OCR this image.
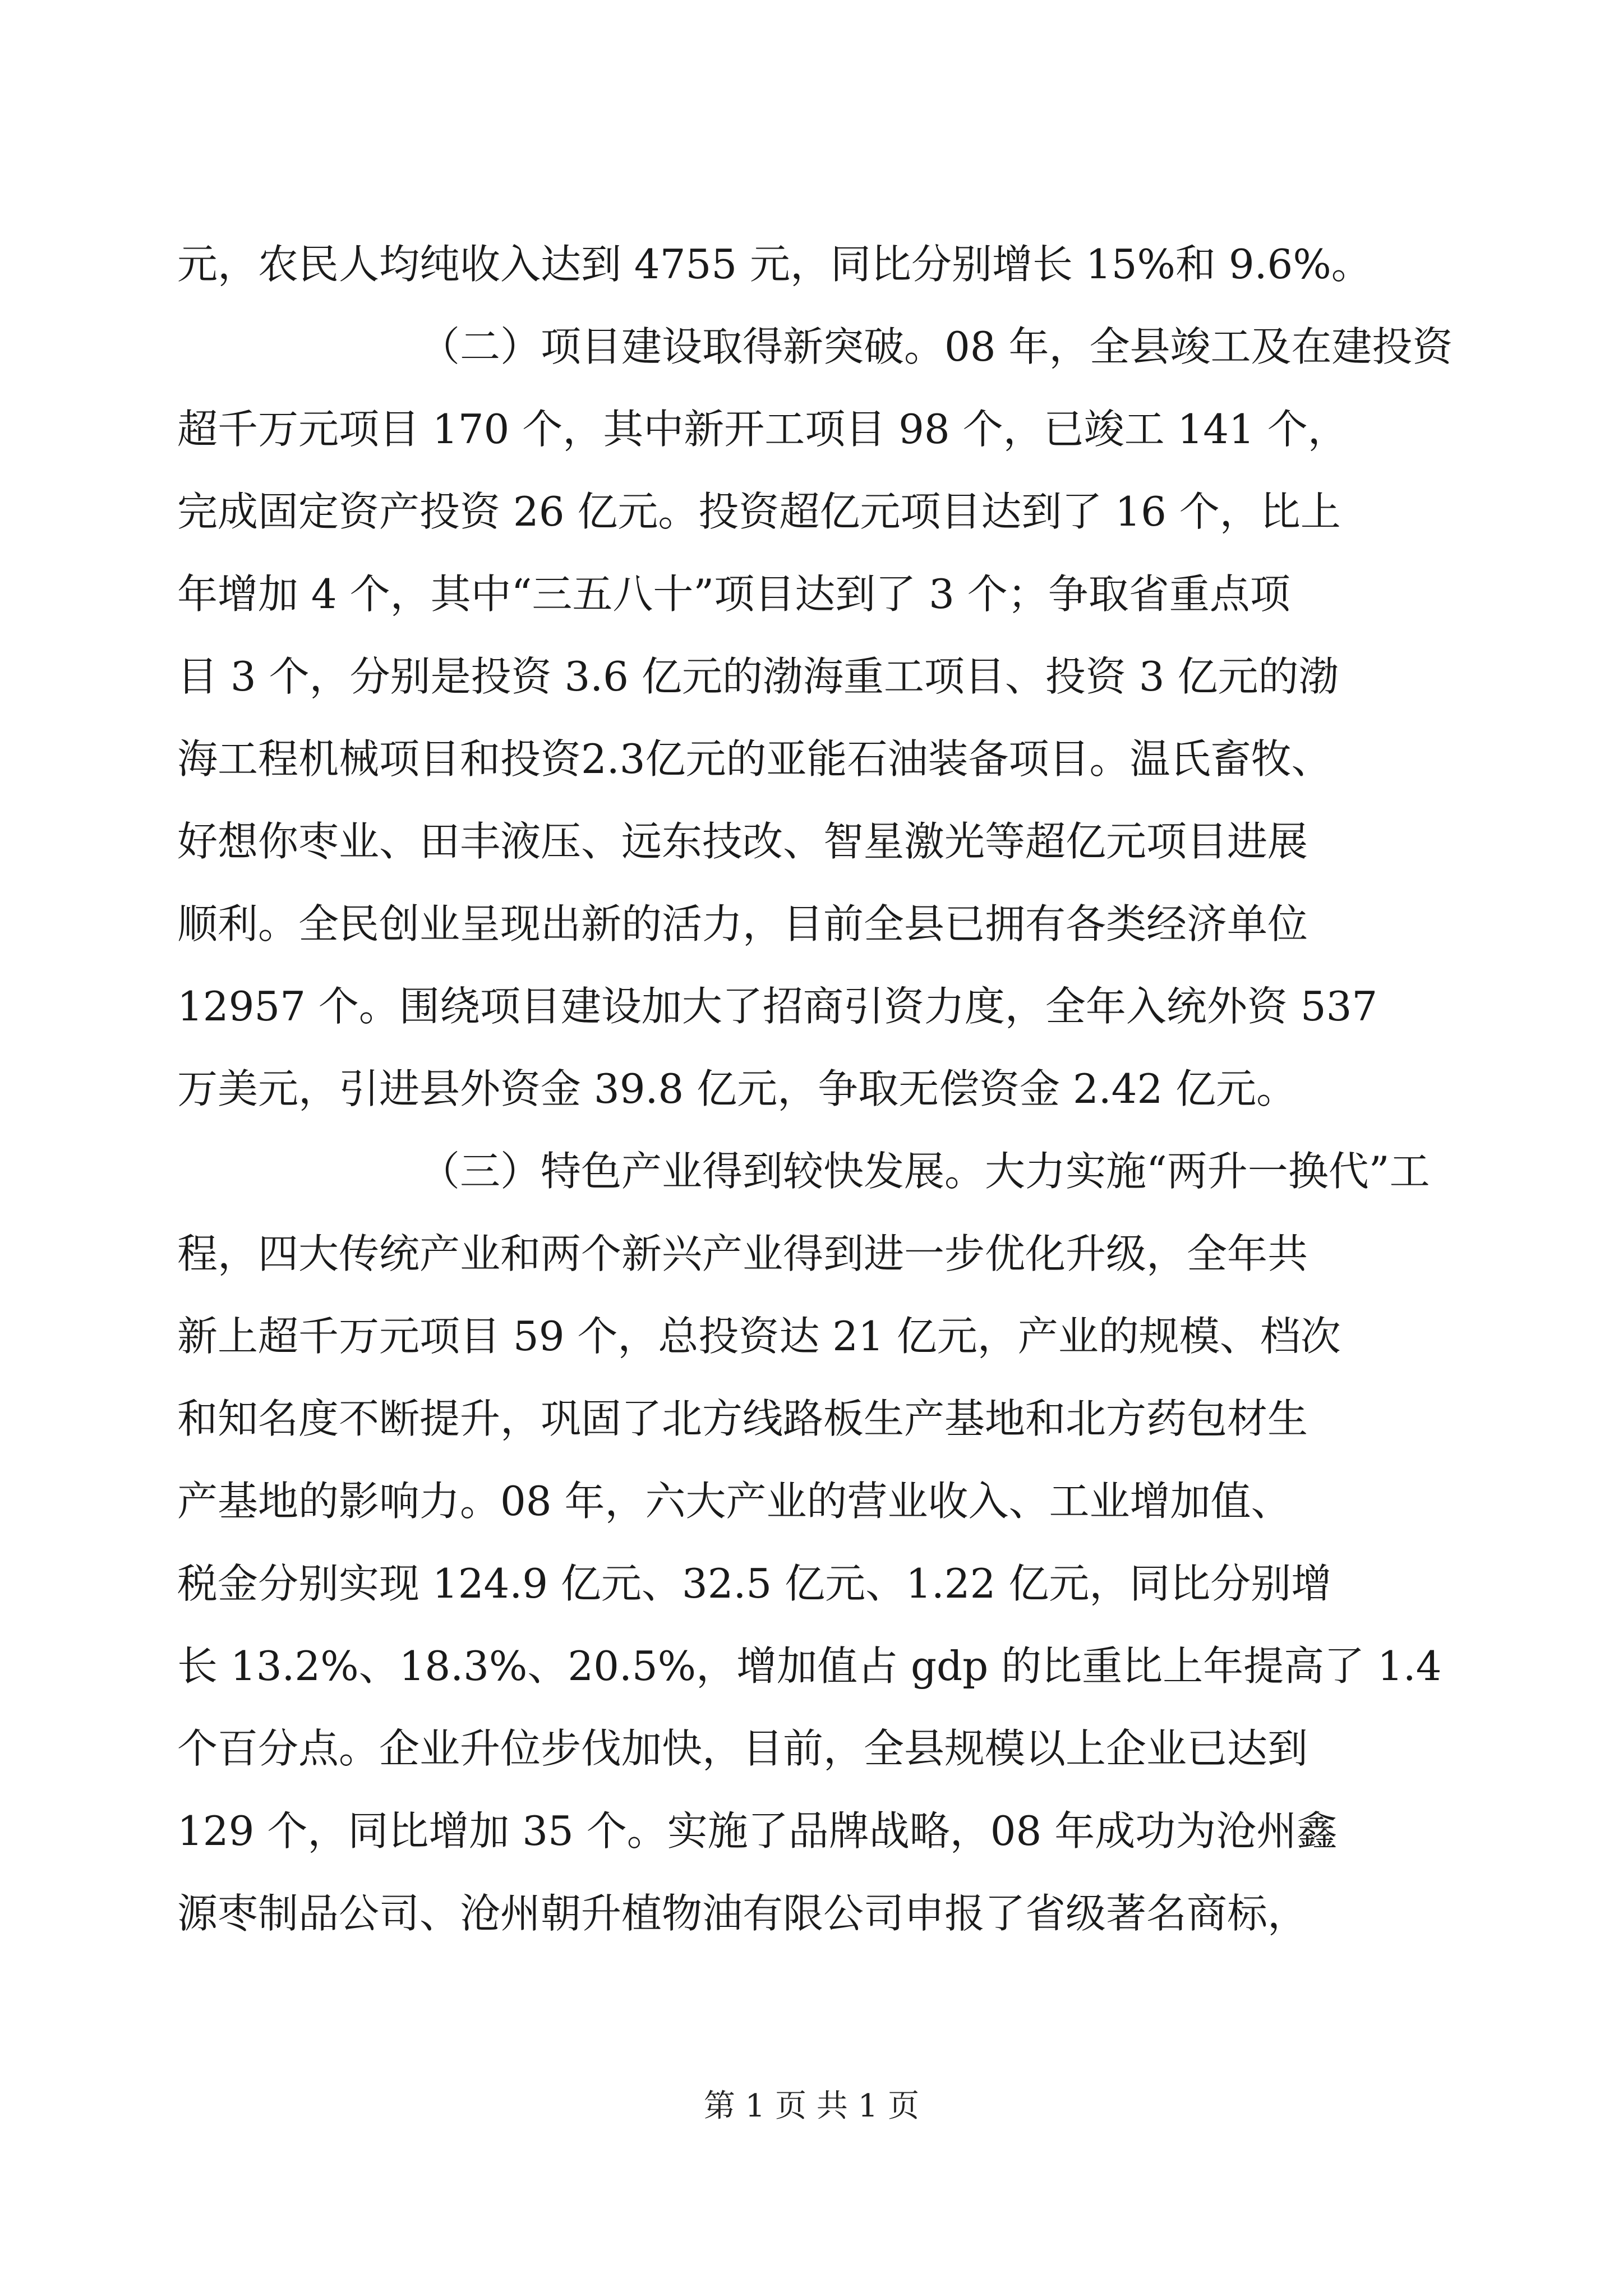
元，农民人均纯收入达到 4755 元，同比分别增长 15%和 9.6%。
（二）项目建设取得新突破。08 年，全县竣工及在建投资
超千万元项目 170 个，其中新开工项目 98 个，已竣工 141 个，
完成固定资产投资 26 亿元。投资超亿元项目达到了 16 个，比上
年增加 4 个，其中“三五八十”项目达到了 3 个；争取省重点项
目 3 个，分别是投资 3.6 亿元的渤海重工项目、投资 3 亿元的渤
海工程机械项目和投资2.3亿元的亚能石油装备项目。温氏畜牧、
好想你枣业、田丰液压、远东技改、智星激光等超亿元项目进展
顺利。全民创业呈现出新的活力，目前全县已拥有各类经济单位
12957 个。围绕项目建设加大了招商引资力度，全年入统外资 537
万美元，引进县外资金 39.8 亿元，争取无偿资金 2.42 亿元。
（三）特色产业得到较快发展。大力实施“两升一换代”工
程，四大传统产业和两个新兴产业得到进一步优化升级，全年共
新上超千万元项目 59 个，总投资达 21 亿元，产业的规模、档次
和知名度不断提升，巩固了北方线路板生产基地和北方药包材生
产基地的影响力。08 年，六大产业的营业收入、工业增加值、
税金分别实现 124.9 亿元、32.5 亿元、1.22 亿元，同比分别增
长 13.2%、18.3%、20.5%，增加值占 gdp 的比重比上年提高了 1.4
个百分点。企业升位步伐加快，目前，全县规模以上企业已达到
129 个，同比增加 35 个。实施了品牌战略，08 年成功为沧州鑫
源枣制品公司、沧州朝升植物油有限公司申报了省级著名商标，
第 1 页 共 1 页
